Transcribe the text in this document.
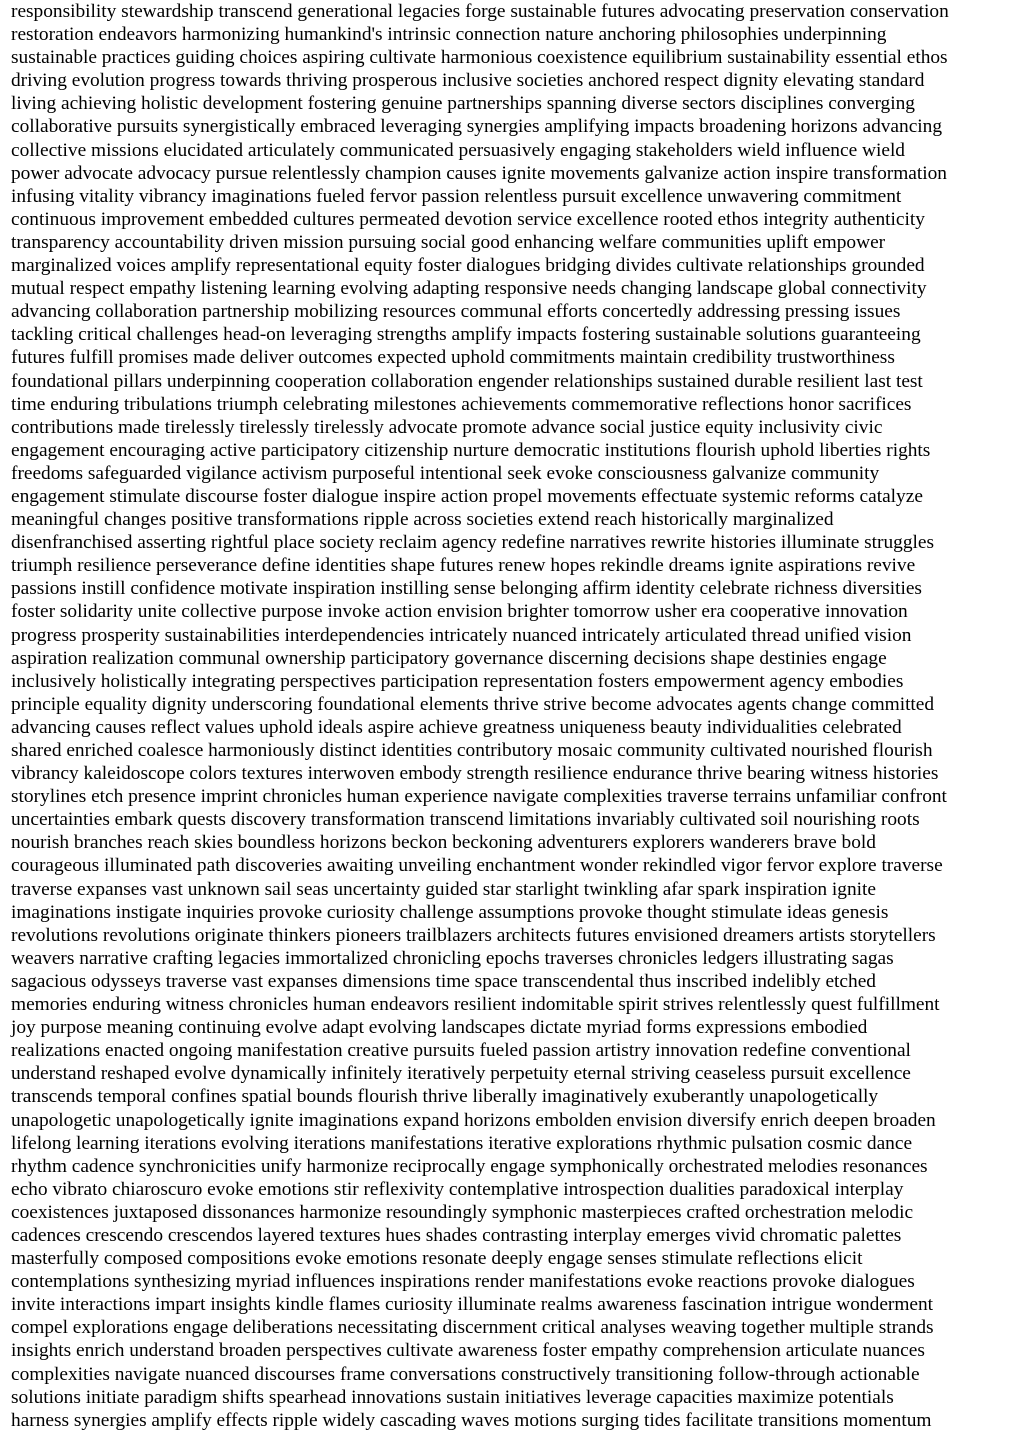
responsibility stewardship transcend generational legacies forge sustainable futures advocating preservation conservation
restoration endeavors harmonizing humankind's intrinsic connection nature anchoring philosophies underpinning
sustainable practices guiding choices aspiring cultivate harmonious coexistence equilibrium sustainability essential ethos
driving evolution progress towards thriving prosperous inclusive societies anchored respect dignity elevating standard
living achieving holistic development fostering genuine partnerships spanning diverse sectors disciplines converging
collaborative pursuits synergistically embraced leveraging synergies amplifying impacts broadening horizons advancing
collective missions elucidated articulately communicated persuasively engaging stakeholders wield influence wield
power advocate advocacy pursue relentlessly champion causes ignite movements galvanize action inspire transformation
infusing vitality vibrancy imaginations fueled fervor passion relentless pursuit excellence unwavering commitment
continuous improvement embedded cultures permeated devotion service excellence rooted ethos integrity authenticity
transparency accountability driven mission pursuing social good enhancing welfare communities uplift empower
marginalized voices amplify representational equity foster dialogues bridging divides cultivate relationships grounded
mutual respect empathy listening learning evolving adapting responsive needs changing landscape global connectivity
advancing collaboration partnership mobilizing resources communal efforts concertedly addressing pressing issues
tackling critical challenges head-on leveraging strengths amplify impacts fostering sustainable solutions guaranteeing
futures fulfill promises made deliver outcomes expected uphold commitments maintain credibility trustworthiness
foundational pillars underpinning cooperation collaboration engender relationships sustained durable resilient last test
time enduring tribulations triumph celebrating milestones achievements commemorative reflections honor sacrifices
contributions made tirelessly tirelessly tirelessly advocate promote advance social justice equity inclusivity civic
engagement encouraging active participatory citizenship nurture democratic institutions flourish uphold liberties rights
freedoms safeguarded vigilance activism purposeful intentional seek evoke consciousness galvanize community
engagement stimulate discourse foster dialogue inspire action propel movements effectuate systemic reforms catalyze
meaningful changes positive transformations ripple across societies extend reach historically marginalized
disenfranchised asserting rightful place society reclaim agency redefine narratives rewrite histories illuminate struggles
triumph resilience perseverance define identities shape futures renew hopes rekindle dreams ignite aspirations revive
passions instill confidence motivate inspiration instilling sense belonging affirm identity celebrate richness diversities
foster solidarity unite collective purpose invoke action envision brighter tomorrow usher era cooperative innovation
progress prosperity sustainabilities interdependencies intricately nuanced intricately articulated thread unified vision
aspiration realization communal ownership participatory governance discerning decisions shape destinies engage
inclusively holistically integrating perspectives participation representation fosters empowerment agency embodies
principle equality dignity underscoring foundational elements thrive strive become advocates agents change committed
advancing causes reflect values uphold ideals aspire achieve greatness uniqueness beauty individualities celebrated
shared enriched coalesce harmoniously distinct identities contributory mosaic community cultivated nourished flourish
vibrancy kaleidoscope colors textures interwoven embody strength resilience endurance thrive bearing witness histories
storylines etch presence imprint chronicles human experience navigate complexities traverse terrains unfamiliar confront
uncertainties embark quests discovery transformation transcend limitations invariably cultivated soil nourishing roots
nourish branches reach skies boundless horizons beckon beckoning adventurers explorers wanderers brave bold
courageous illuminated path discoveries awaiting unveiling enchantment wonder rekindled vigor fervor explore traverse
traverse expanses vast unknown sail seas uncertainty guided star starlight twinkling afar spark inspiration ignite
imaginations instigate inquiries provoke curiosity challenge assumptions provoke thought stimulate ideas genesis
revolutions revolutions originate thinkers pioneers trailblazers architects futures envisioned dreamers artists storytellers
weavers narrative crafting legacies immortalized chronicling epochs traverses chronicles ledgers illustrating sagas
sagacious odysseys traverse vast expanses dimensions time space transcendental thus inscribed indelibly etched
memories enduring witness chronicles human endeavors resilient indomitable spirit strives relentlessly quest fulfillment
joy purpose meaning continuing evolve adapt evolving landscapes dictate myriad forms expressions embodied
realizations enacted ongoing manifestation creative pursuits fueled passion artistry innovation redefine conventional
understand reshaped evolve dynamically infinitely iteratively perpetuity eternal striving ceaseless pursuit excellence
transcends temporal confines spatial bounds flourish thrive liberally imaginatively exuberantly unapologetically
unapologetic unapologetically ignite imaginations expand horizons embolden envision diversify enrich deepen broaden
lifelong learning iterations evolving iterations manifestations iterative explorations rhythmic pulsation cosmic dance
rhythm cadence synchronicities unify harmonize reciprocally engage symphonically orchestrated melodies resonances
echo vibrato chiaroscuro evoke emotions stir reflexivity contemplative introspection dualities paradoxical interplay
coexistences juxtaposed dissonances harmonize resoundingly symphonic masterpieces crafted orchestration melodic
cadences crescendo crescendos layered textures hues shades contrasting interplay emerges vivid chromatic palettes
masterfully composed compositions evoke emotions resonate deeply engage senses stimulate reflections elicit
contemplations synthesizing myriad influences inspirations render manifestations evoke reactions provoke dialogues
invite interactions impart insights kindle flames curiosity illuminate realms awareness fascination intrigue wonderment
compel explorations engage deliberations necessitating discernment critical analyses weaving together multiple strands
insights enrich understand broaden perspectives cultivate awareness foster empathy comprehension articulate nuances
complexities navigate nuanced discourses frame conversations constructively transitioning follow-through actionable
solutions initiate paradigm shifts spearhead innovations sustain initiatives leverage capacities maximize potentials
harness synergies amplify effects ripple widely cascading waves motions surging tides facilitate transitions momentum
